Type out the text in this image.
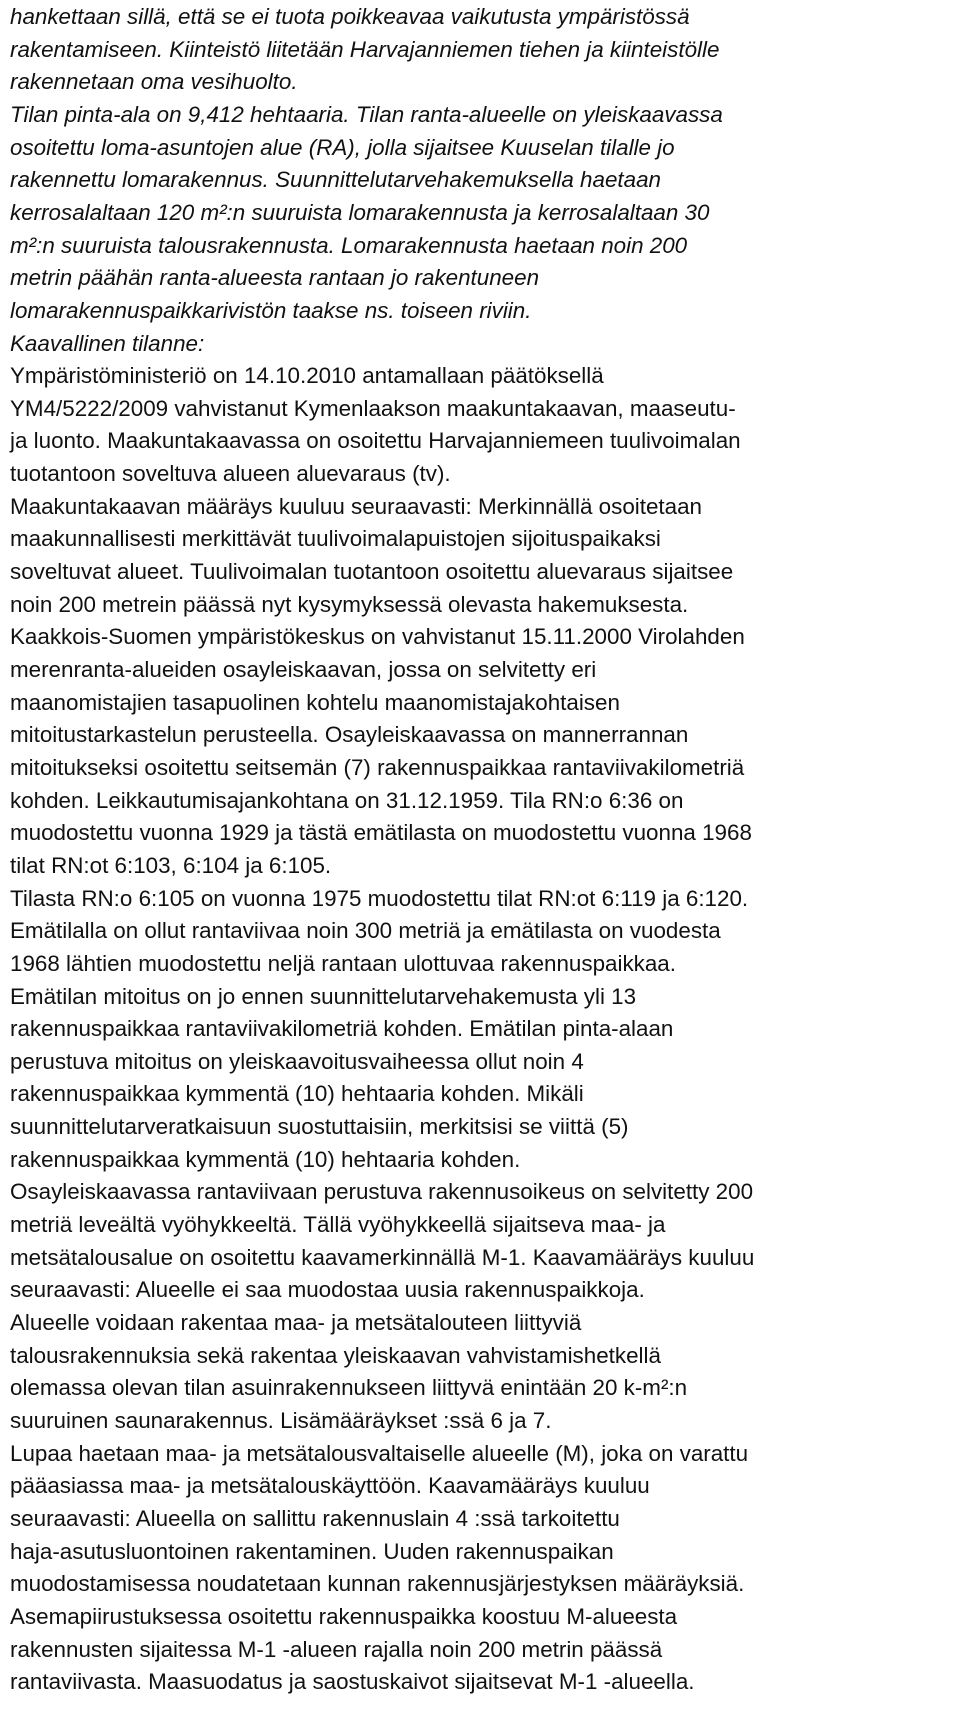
hankettaan sillä, että se ei tuota poikkeavaa vaikutusta ympäristössä
rakentamiseen. Kiinteistö liitetään Harvajanniemen tiehen ja kiinteistölle
rakennetaan oma vesihuolto.
Tilan pinta-ala on 9,412 hehtaaria. Tilan ranta-alueelle on yleiskaavassa
osoitettu loma-asuntojen alue (RA), jolla sijaitsee Kuuselan tilalle jo
rakennettu lomarakennus. Suunnittelutarvehakemuksella haetaan
kerrosalaltaan 120 m²:n suuruista lomarakennusta ja kerrosalaltaan 30
m²:n suuruista talousrakennusta. Lomarakennusta haetaan noin 200
metrin päähän ranta-alueesta rantaan jo rakentuneen
lomarakennuspaikkarivistön taakse ns. toiseen riviin.
Kaavallinen tilanne:
Ympäristöministeriö on 14.10.2010 antamallaan päätöksellä
YM4/5222/2009 vahvistanut Kymenlaakson maakuntakaavan, maaseutu-
ja luonto. Maakuntakaavassa on osoitettu Harvajanniemeen tuulivoimalan
tuotantoon soveltuva alueen aluevaraus (tv).
Maakuntakaavan määräys kuuluu seuraavasti: Merkinnällä osoitetaan
maakunnallisesti merkittävät tuulivoimalapuistojen sijoituspaikaksi
soveltuvat alueet. Tuulivoimalan tuotantoon osoitettu aluevaraus sijaitsee
noin 200 metrein päässä nyt kysymyksessä olevasta hakemuksesta.
Kaakkois-Suomen ympäristökeskus on vahvistanut 15.11.2000 Virolahden
merenranta-alueiden osayleiskaavan, jossa on selvitetty eri
maanomistajien tasapuolinen kohtelu maanomistajakohtaisen
mitoitustarkastelun perusteella. Osayleiskaavassa on mannerrannan
mitoitukseksi osoitettu seitsemän (7) rakennuspaikkaa rantaviivakilometriä
kohden. Leikkautumisajankohtana on 31.12.1959. Tila RN:o 6:36 on
muodostettu vuonna 1929 ja tästä emätilasta on muodostettu vuonna 1968
tilat RN:ot 6:103, 6:104 ja 6:105.
Tilasta RN:o 6:105 on vuonna 1975 muodostettu tilat RN:ot 6:119 ja 6:120.
Emätilalla on ollut rantaviivaa noin 300 metriä ja emätilasta on vuodesta
1968 lähtien muodostettu neljä rantaan ulottuvaa rakennuspaikkaa.
Emätilan mitoitus on jo ennen suunnittelutarvehakemusta yli 13
rakennuspaikkaa rantaviivakilometriä kohden. Emätilan pinta-alaan
perustuva mitoitus on yleiskaavoitusvaiheessa ollut noin 4
rakennuspaikkaa kymmentä (10) hehtaaria kohden. Mikäli
suunnittelutarveratkaisuun suostuttaisiin, merkitsisi se viittä (5)
rakennuspaikkaa kymmentä (10) hehtaaria kohden.
Osayleiskaavassa rantaviivaan perustuva rakennusoikeus on selvitetty 200
metriä leveältä vyöhykkeeltä. Tällä vyöhykkeellä sijaitseva maa- ja
metsätalousalue on osoitettu kaavamerkinnällä M-1. Kaavamääräys kuuluu
seuraavasti: Alueelle ei saa muodostaa uusia rakennuspaikkoja.
Alueelle voidaan rakentaa maa- ja metsätalouteen liittyviä
talousrakennuksia sekä rakentaa yleiskaavan vahvistamishetkellä
olemassa olevan tilan asuinrakennukseen liittyvä enintään 20 k-m²:n
suuruinen saunarakennus. Lisämääräykset :ssä 6 ja 7.
Lupaa haetaan maa- ja metsätalousvaltaiselle alueelle (M), joka on varattu
pääasiassa maa- ja metsätalouskäyttöön. Kaavamääräys kuuluu
seuraavasti: Alueella on sallittu rakennuslain 4 :ssä tarkoitettu
haja-asutusluontoinen rakentaminen. Uuden rakennuspaikan
muodostamisessa noudatetaan kunnan rakennusjärjestyksen määräyksiä.
Asemapiirustuksessa osoitettu rakennuspaikka koostuu M-alueesta
rakennusten sijaitessa M-1 -alueen rajalla noin 200 metrin päässä
rantaviivasta. Maasuodatus ja saostuskaivot sijaitsevat M-1 -alueella.
